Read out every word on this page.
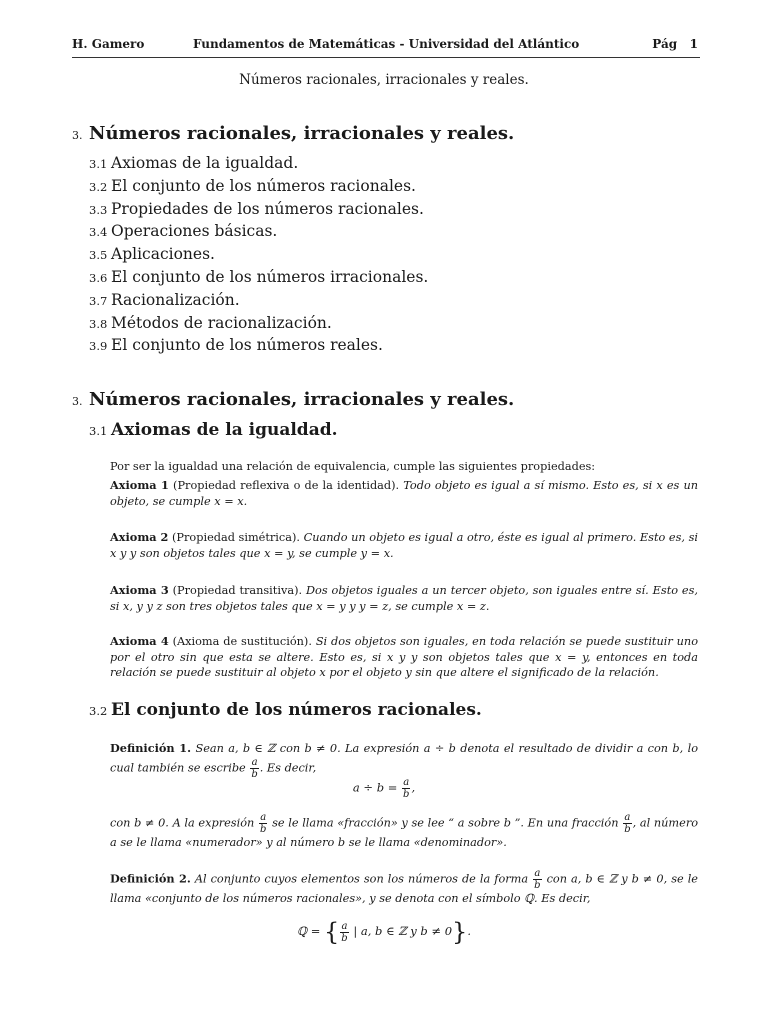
H. Gamero	Fundamentos de Matemáticas - Universidad del Atlántico	Pág   1
Números racionales, irracionales y reales.
3. Números racionales, irracionales y reales.
3.1 Axiomas de la igualdad.
3.2 El conjunto de los números racionales.
3.3 Propiedades de los números racionales.
3.4 Operaciones básicas.
3.5 Aplicaciones.
3.6 El conjunto de los números irracionales.
3.7 Racionalización.
3.8 Métodos de racionalización.
3.9 El conjunto de los números reales.
3. Números racionales, irracionales y reales.
3.1 Axiomas de la igualdad.

Por ser la igualdad una relación de equivalencia, cumple las siguientes propiedades:

Axioma 1 (Propiedad reflexiva o de la identidad). Todo objeto es igual a sí mismo. Esto es, si x es un objeto, se cumple x = x.

Axioma 2 (Propiedad simétrica). Cuando un objeto es igual a otro, éste es igual al primero. Esto es, si x y y son objetos tales que x = y, se cumple y = x.

Axioma 3 (Propiedad transitiva). Dos objetos iguales a un tercer objeto, son iguales entre sí. Esto es, si x, y y z son tres objetos tales que x = y y y = z, se cumple x = z.

Axioma 4 (Axioma de sustitución). Si dos objetos son iguales, en toda relación se puede sustituir uno por el otro sin que esta se altere. Esto es, si x y y son objetos tales que x = y, entonces en toda relación se puede sustituir al objeto x por el objeto y sin que altere el significado de la relación.

3.2 El conjunto de los números racionales.

Definición 1. Sean a, b ∈ ℤ con b ≠ 0. La expresión a ÷ b denota el resultado de dividir a con b, lo cual también se escribe $\frac{a}{b}$ . Es decir,

$a \div b = \frac{a}{b}$ ,

con b ≠ 0. A la expresión $\frac{a}{b}$ se le llama «fracción» y se lee “ a sobre b ”. En una fracción $\frac{a}{b}$ , al número a se le llama «numerador» y al número b se le llama «denominador».

Definición 2. Al conjunto cuyos elementos son los números de la forma $\frac{a}{b}$ con a, b ∈ ℤ y b ≠ 0, se le llama «conjunto de los números racionales», y se denota con el símbolo ℚ. Es decir,

ℚ = { $\frac{a}{b}$ | a, b ∈ ℤ y b ≠ 0}.
